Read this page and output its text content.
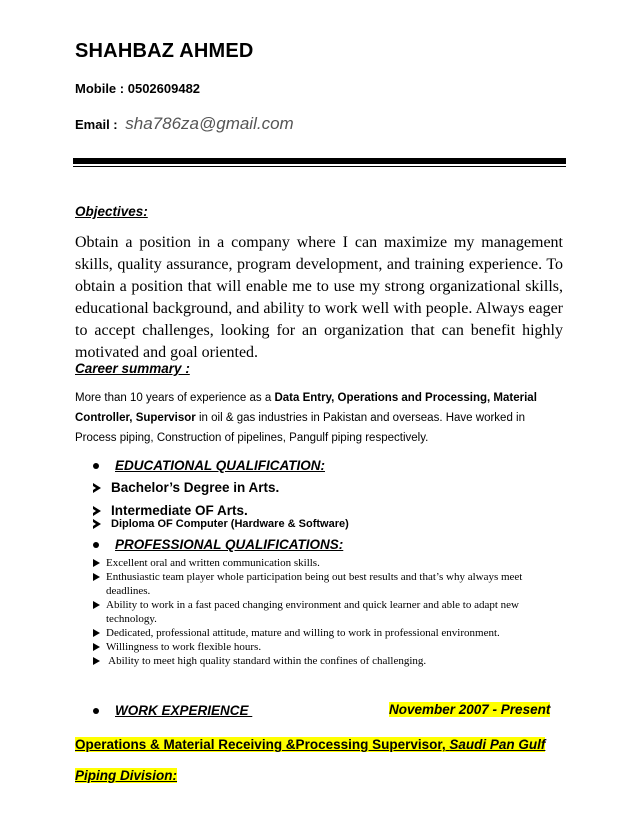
SHAHBAZ AHMED
Mobile : 0502609482
Email : sha786za@gmail.com
Objectives:
Obtain a position in a company where I can maximize my management skills, quality assurance, program development, and training experience. To obtain a position that will enable me to use my strong organizational skills, educational background, and ability to work well with people. Always eager to accept challenges, looking for an organization that can benefit highly motivated and goal oriented.
Career summary :
More than 10 years of experience as a Data Entry, Operations and Processing, Material Controller, Supervisor in oil & gas industries in Pakistan and overseas. Have worked in Process piping, Construction of pipelines, Pangulf piping respectively.
EDUCATIONAL QUALIFICATION:
Bachelor’s Degree in Arts.
Intermediate OF Arts.
Diploma OF Computer (Hardware & Software)
PROFESSIONAL QUALIFICATIONS:
Excellent oral and written communication skills.
Enthusiastic team player whole participation being out best results and that’s why always meet deadlines.
Ability to work in a fast paced changing environment and quick learner and able to adapt new technology.
Dedicated, professional attitude, mature and willing to work in professional environment.
Willingness to work flexible hours.
Ability to meet high quality standard within the confines of challenging.
WORK EXPERIENCE	November 2007 - Present
Operations & Material Receiving &Processing Supervisor, Saudi Pan Gulf
Piping Division:
